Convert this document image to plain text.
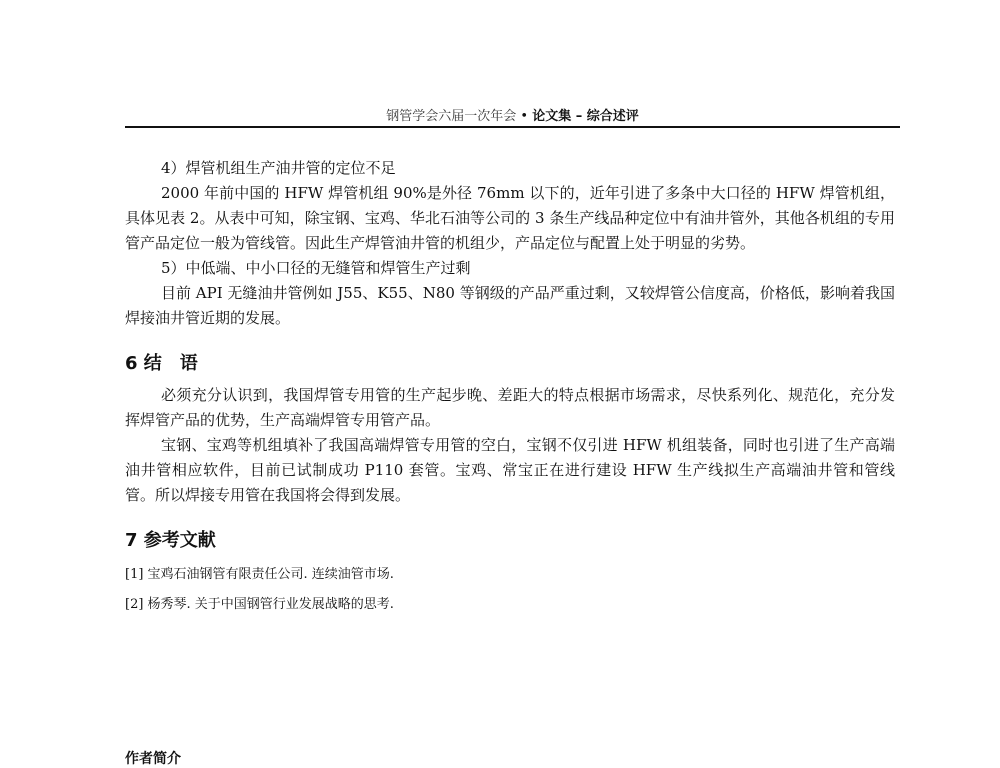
钢管学会六届一次年会 • 论文集 – 综合述评

4）焊管机组生产油井管的定位不足

2000 年前中国的 HFW 焊管机组 90%是外径 76mm 以下的，近年引进了多条中大口径的 HFW 焊管机组，具体见表 2。从表中可知，除宝钢、宝鸡、华北石油等公司的 3 条生产线品种定位中有油井管外，其他各机组的专用管产品定位一般为管线管。因此生产焊管油井管的机组少，产品定位与配置上处于明显的劣势。

5）中低端、中小口径的无缝管和焊管生产过剩

目前 API 无缝油井管例如 J55、K55、N80 等钢级的产品严重过剩，又较焊管公信度高，价格低，影响着我国焊接油井管近期的发展。

6 结　语

必须充分认识到，我国焊管专用管的生产起步晚、差距大的特点根据市场需求，尽快系列化、规范化，充分发挥焊管产品的优势，生产高端焊管专用管产品。

宝钢、宝鸡等机组填补了我国高端焊管专用管的空白，宝钢不仅引进 HFW 机组装备，同时也引进了生产高端油井管相应软件，目前已试制成功 P110 套管。宝鸡、常宝正在进行建设 HFW 生产线拟生产高端油井管和管线管。所以焊接专用管在我国将会得到发展。

7 参考文献

[1] 宝鸡石油钢管有限责任公司. 连续油管市场.

[2] 杨秀琴. 关于中国钢管行业发展战略的思考.

作者简介
